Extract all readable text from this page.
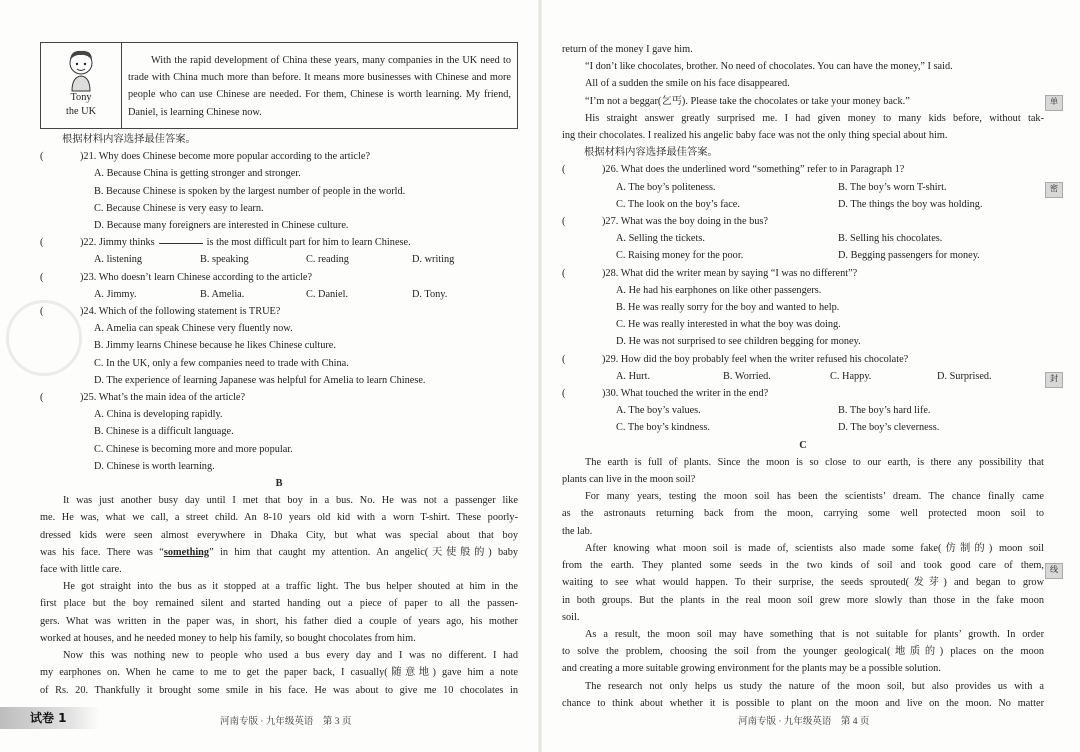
Tony
the UK
With the rapid development of China these years, many companies in the UK need to trade with China much more than before. It means more businesses with Chinese and more people who can use Chinese are needed. For them, Chinese is worth learning. My friend, Daniel, is learning Chinese now.
根据材料内容选择最佳答案。
(	)21. Why does Chinese become more popular according to the article?
A. Because China is getting stronger and stronger.
B. Because Chinese is spoken by the largest number of people in the world.
C. Because Chinese is very easy to learn.
D. Because many foreigners are interested in Chinese culture.
(	)22. Jimmy thinks	is the most difficult part for him to learn Chinese.
A. listening	B. speaking	C. reading	D. writing
(	)23. Who doesn’t learn Chinese according to the article?
A. Jimmy.	B. Amelia.	C. Daniel.	D. Tony.
(	)24. Which of the following statement is TRUE?
A. Amelia can speak Chinese very fluently now.
B. Jimmy learns Chinese because he likes Chinese culture.
C. In the UK, only a few companies need to trade with China.
D. The experience of learning Japanese was helpful for Amelia to learn Chinese.
(	)25. What’s the main idea of the article?
A. China is developing rapidly.
B. Chinese is a difficult language.
C. Chinese is becoming more and more popular.
D. Chinese is worth learning.
B
It was just another busy day until I met that boy in a bus. No. He was not a passenger like
me. He was, what we call, a street child. An 8-10 years old kid with a worn T-shirt. These poorly-
dressed kids were seen almost everywhere in Dhaka City, but what was special about that boy
was his face. There was “something” in him that caught my attention. An angelic(天使般的) baby
face with little care.
He got straight into the bus as it stopped at a traffic light. The bus helper shouted at him in the
first place but the boy remained silent and started handing out a piece of paper to all the passen-
gers. What was written in the paper was, in short, his father died a couple of years ago, his mother
worked at houses, and he needed money to help his family, so bought chocolates from him.
Now this was nothing new to people who used a bus every day and I was no different. I had
my earphones on. When he came to me to get the paper back, I casually(随意地) gave him a note
of Rs. 20. Thankfully it brought some smile in his face. He was about to give me 10 chocolates in
试卷 1	河南专版 · 九年级英语　第 3 页
return of the money I gave him.
“I don’t like chocolates, brother. No need of chocolates. You can have the money,” I said.
All of a sudden the smile on his face disappeared.
“I’m not a beggar(乞丐). Please take the chocolates or take your money back.”
His straight answer greatly surprised me. I had given money to many kids before, without tak-
ing their chocolates. I realized his angelic baby face was not the only thing special about him.
根据材料内容选择最佳答案。
(	)26. What does the underlined word “something” refer to in Paragraph 1?
A. The boy’s politeness.	B. The boy’s worn T-shirt.
C. The look on the boy’s face.	D. The things the boy was holding.
(	)27. What was the boy doing in the bus?
A. Selling the tickets.	B. Selling his chocolates.
C. Raising money for the poor.	D. Begging passengers for money.
(	)28. What did the writer mean by saying “I was no different”?
A. He had his earphones on like other passengers.
B. He was really sorry for the boy and wanted to help.
C. He was really interested in what the boy was doing.
D. He was not surprised to see children begging for money.
(	)29. How did the boy probably feel when the writer refused his chocolate?
A. Hurt.	B. Worried.	C. Happy.	D. Surprised.
(	)30. What touched the writer in the end?
A. The boy’s values.	B. The boy’s hard life.
C. The boy’s kindness.	D. The boy’s cleverness.
C
The earth is full of plants. Since the moon is so close to our earth, is there any possibility that
plants can live in the moon soil?
For many years, testing the moon soil has been the scientists’ dream. The chance finally came
as the astronauts returning back from the moon, carrying some well protected moon soil to
the lab.
After knowing what moon soil is made of, scientists also made some fake(仿制的) moon soil
from the earth. They planted some seeds in the two kinds of soil and took good care of them,
waiting to see what would happen. To their surprise, the seeds sprouted(发芽) and began to grow
in both groups. But the plants in the real moon soil grew more slowly than those in the fake moon
soil.
As a result, the moon soil may have something that is not suitable for plants’ growth. In order
to solve the problem, choosing the soil from the younger geological(地质的) places on the moon
and creating a more suitable growing environment for the plants may be a possible solution.
The research not only helps us study the nature of the moon soil, but also provides us with a
chance to think about whether it is possible to plant on the moon and live on the moon. No matter
河南专版 · 九年级英语　第 4 页
单
密
封
线
